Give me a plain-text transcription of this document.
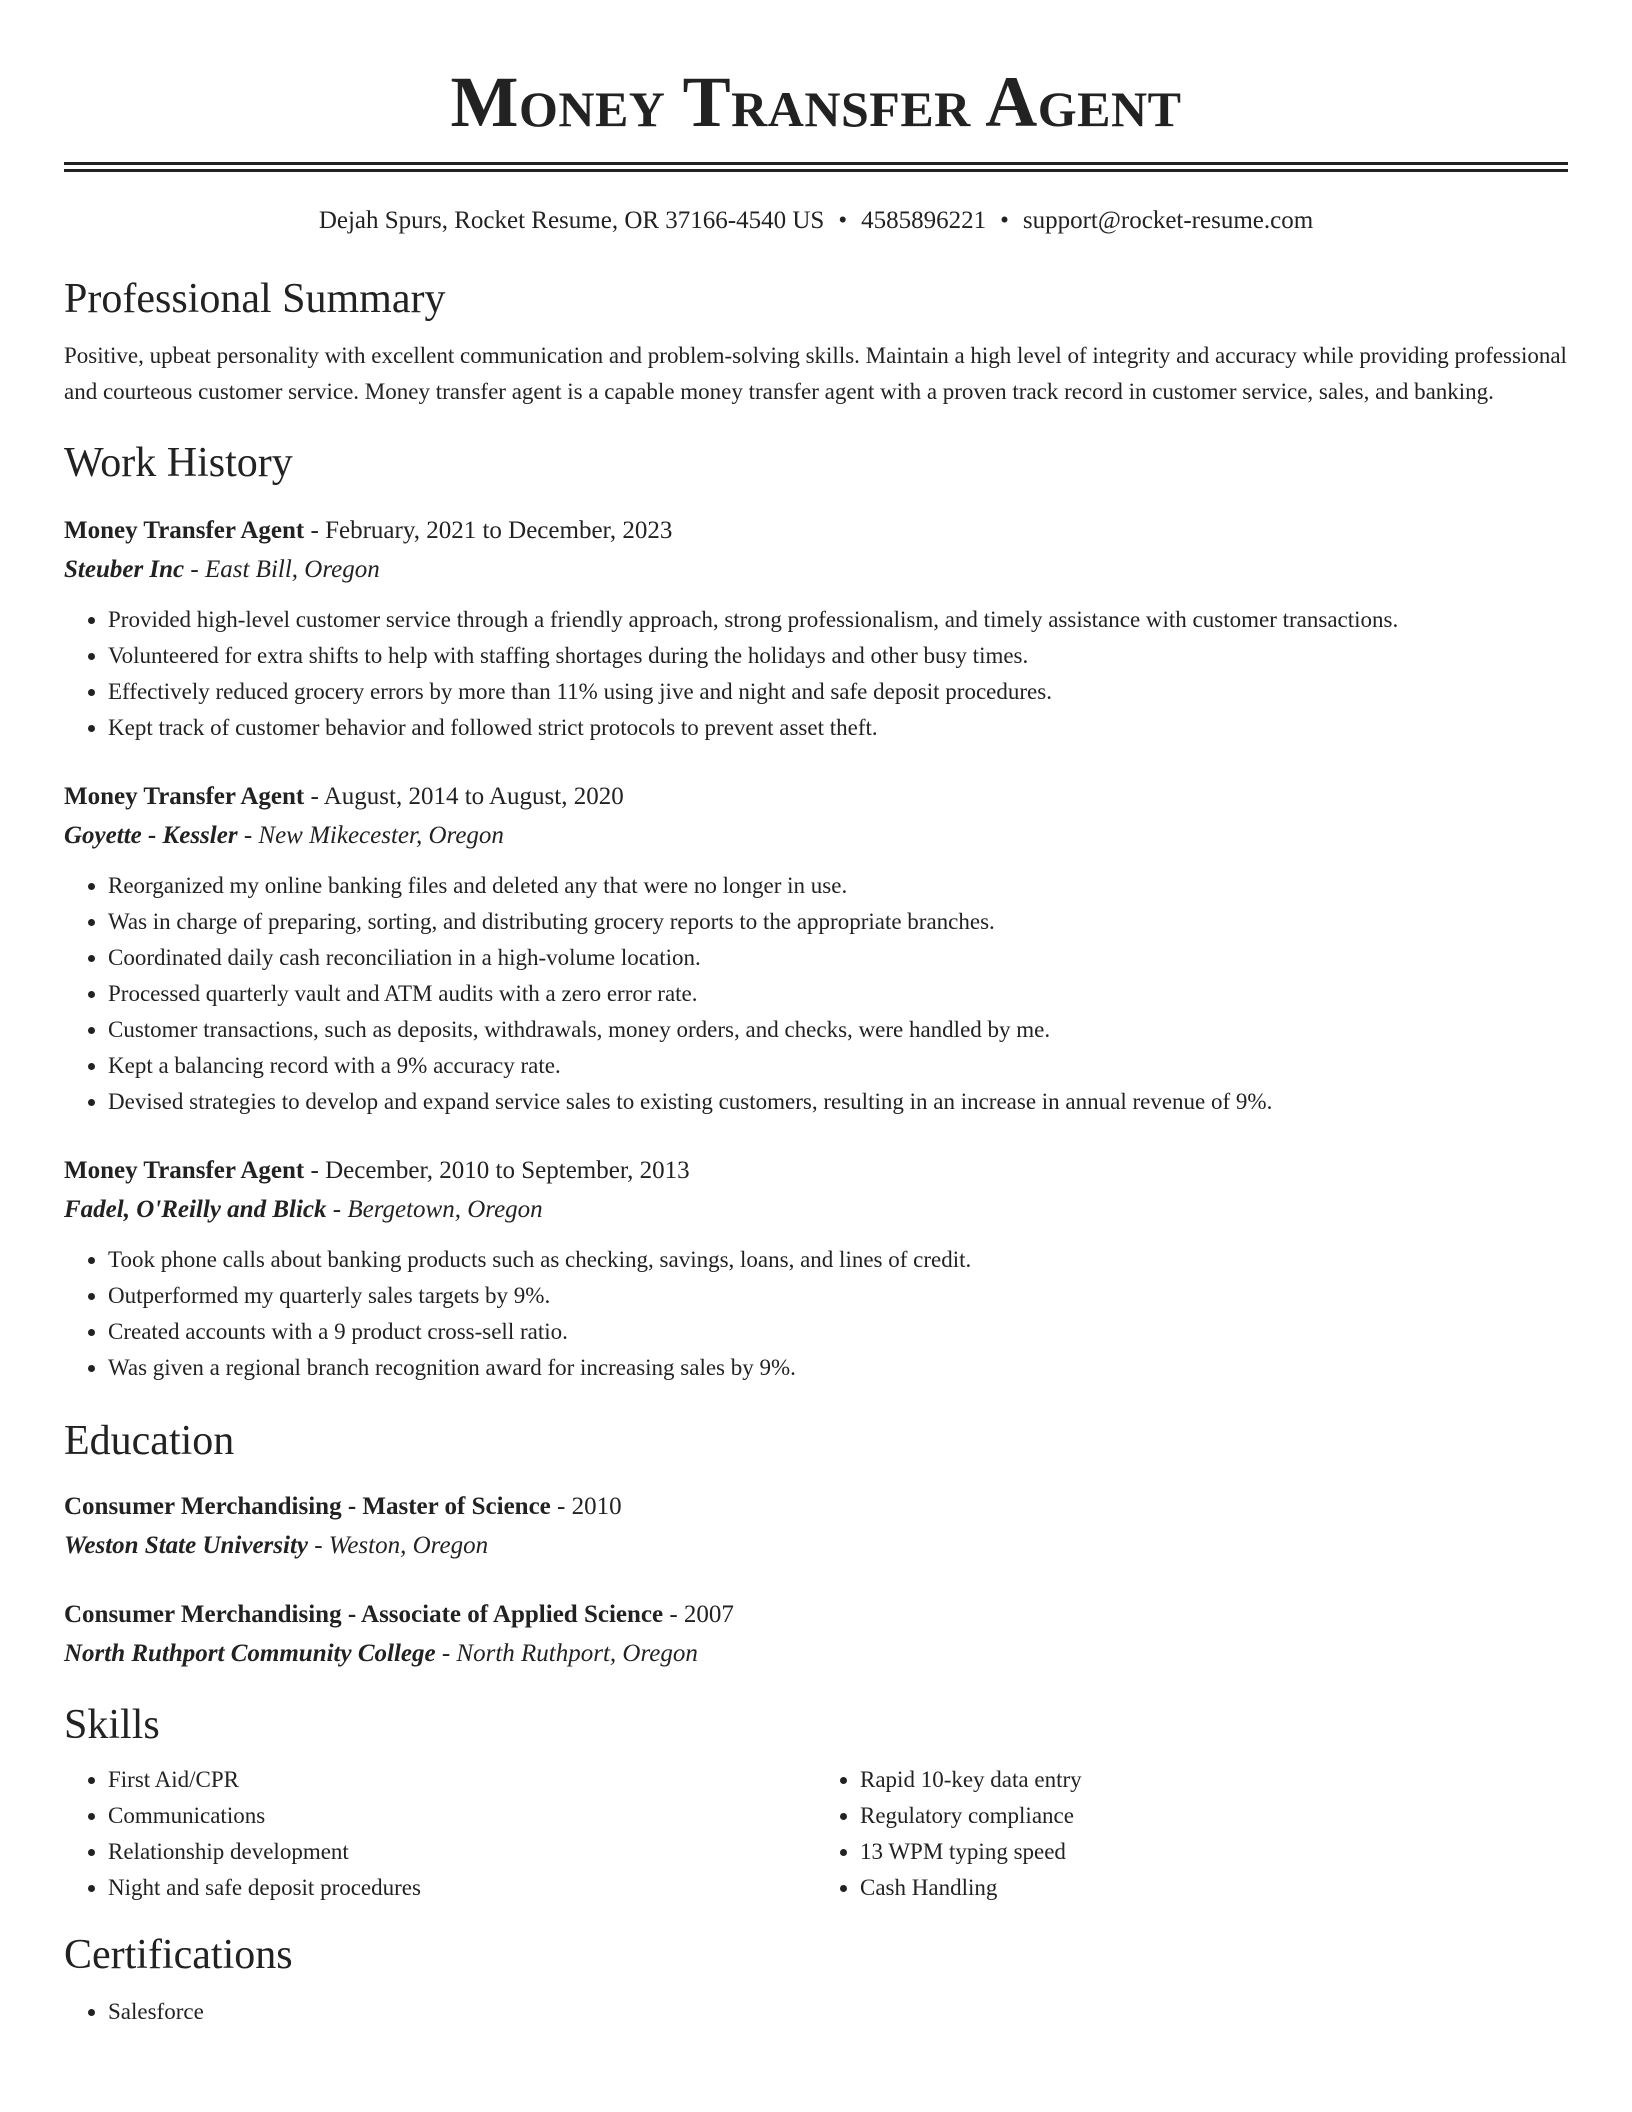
Money Transfer Agent
Dejah Spurs, Rocket Resume, OR 37166-4540 US • 4585896221 • support@rocket-resume.com
Professional Summary

Positive, upbeat personality with excellent communication and problem-solving skills. Maintain a high level of integrity and accuracy while providing professional and courteous customer service. Money transfer agent is a capable money transfer agent with a proven track record in customer service, sales, and banking.

Work History
Money Transfer Agent - February, 2021 to December, 2023
Steuber Inc - East Bill, Oregon
• Provided high-level customer service through a friendly approach, strong professionalism, and timely assistance with customer transactions.
• Volunteered for extra shifts to help with staffing shortages during the holidays and other busy times.
• Effectively reduced grocery errors by more than 11% using jive and night and safe deposit procedures.
• Kept track of customer behavior and followed strict protocols to prevent asset theft.
Money Transfer Agent - August, 2014 to August, 2020
Goyette - Kessler - New Mikecester, Oregon
• Reorganized my online banking files and deleted any that were no longer in use.
• Was in charge of preparing, sorting, and distributing grocery reports to the appropriate branches.
• Coordinated daily cash reconciliation in a high-volume location.
• Processed quarterly vault and ATM audits with a zero error rate.
• Customer transactions, such as deposits, withdrawals, money orders, and checks, were handled by me.
• Kept a balancing record with a 9% accuracy rate.
• Devised strategies to develop and expand service sales to existing customers, resulting in an increase in annual revenue of 9%.
Money Transfer Agent - December, 2010 to September, 2013
Fadel, O'Reilly and Blick - Bergetown, Oregon
• Took phone calls about banking products such as checking, savings, loans, and lines of credit.
• Outperformed my quarterly sales targets by 9%.
• Created accounts with a 9 product cross-sell ratio.
• Was given a regional branch recognition award for increasing sales by 9%.
Education
Consumer Merchandising - Master of Science - 2010
Weston State University - Weston, Oregon
Consumer Merchandising - Associate of Applied Science - 2007
North Ruthport Community College - North Ruthport, Oregon
Skills
• First Aid/CPR
• Communications
• Relationship development
• Night and safe deposit procedures
• Rapid 10-key data entry
• Regulatory compliance
• 13 WPM typing speed
• Cash Handling
Certifications
• Salesforce
